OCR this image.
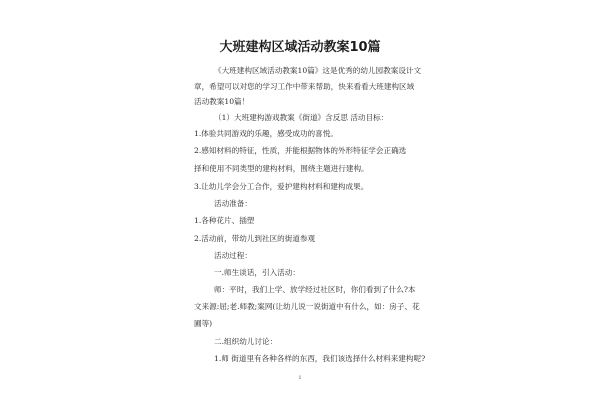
大班建构区域活动教案10篇
《大班建构区域活动教案10篇》这是优秀的幼儿园教案设计文
章，希望可以对您的学习工作中带来帮助，快来看看大班建构区域
活动教案10篇！
（1）大班建构游戏教案《街道》含反思 活动目标：
1.体验共同游戏的乐趣，感受成功的喜悦。
2.感知材料的特征，性质，并能根据物体的外形特征学会正确选
择和使用不同类型的建构材料，围绕主题进行建构。
3.让幼儿学会分工合作，爱护建构材料和建构成果。
活动准备：
1.各种花片、插塑
2.活动前，带幼儿到社区的街道参观
活动过程：
一.师生谈话，引入活动：
师：平时，我们上学、放学经过社区时，你们看到了什么?本
文来源:屈;老.师教;案网(让幼儿说一说街道中有什么，如：房子、花
圃等)
二.组织幼儿讨论：
1.师 街道里有各种各样的东西，我们该选择什么材料来建构呢?
1
